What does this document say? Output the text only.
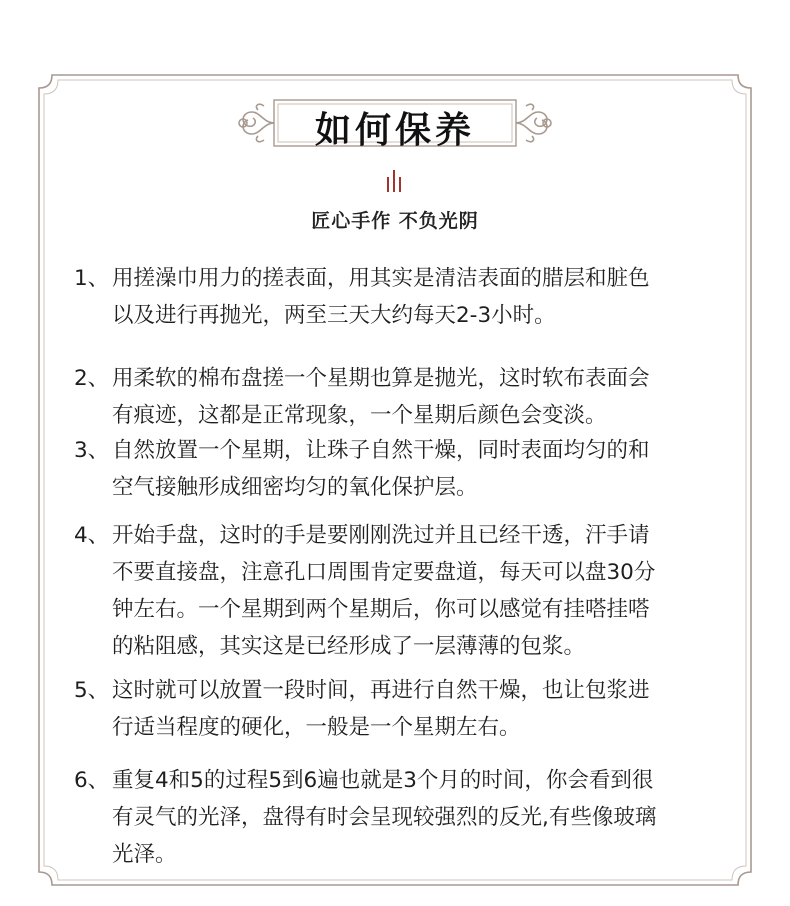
如何保养
匠心手作 不负光阴
1、 用搓澡巾用力的搓表面，用其实是清洁表面的腊层和脏色
以及进行再抛光，两至三天大约每天2-3小时。
2、 用柔软的棉布盘搓一个星期也算是抛光，这时软布表面会
有痕迹，这都是正常现象，一个星期后颜色会变淡。
3、 自然放置一个星期，让珠子自然干燥，同时表面均匀的和
空气接触形成细密均匀的氧化保护层。
4、 开始手盘，这时的手是要刚刚洗过并且已经干透，汗手请
不要直接盘，注意孔口周围肯定要盘道，每天可以盘30分
钟左右。一个星期到两个星期后，你可以感觉有挂嗒挂嗒
的粘阻感，其实这是已经形成了一层薄薄的包浆。
5、 这时就可以放置一段时间，再进行自然干燥，也让包浆进
行适当程度的硬化，一般是一个星期左右。
6、 重复4和5的过程5到6遍也就是3个月的时间，你会看到很
有灵气的光泽，盘得有时会呈现较强烈的反光,有些像玻璃
光泽。
